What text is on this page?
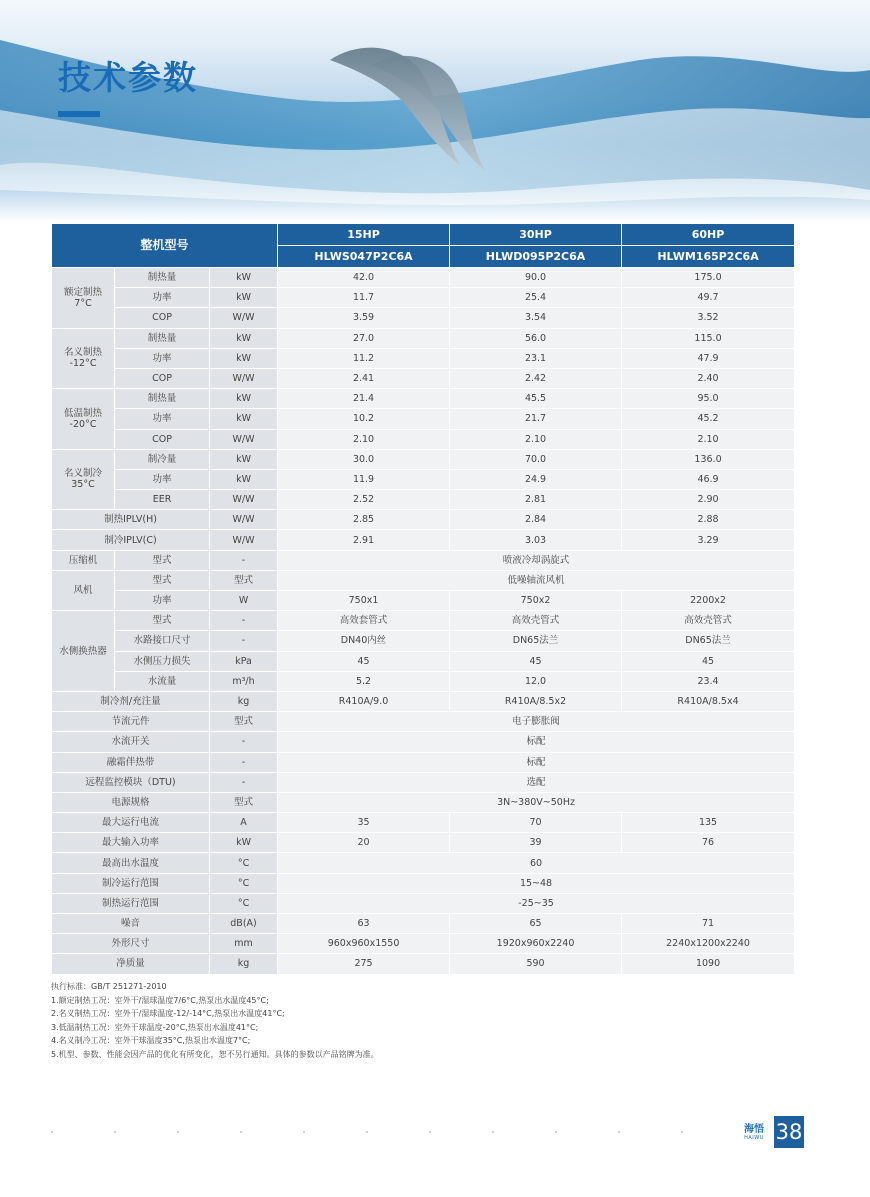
技术参数
整机型号			15HP	30HP	60HP
			HLWS047P2C6A	HLWD095P2C6A	HLWM165P2C6A
额定制热
7°C	制热量	kW	42.0	90.0	175.0
	功率	kW	11.7	25.4	49.7
	COP	W/W	3.59	3.54	3.52
名义制热
-12°C	制热量	kW	27.0	56.0	115.0
	功率	kW	11.2	23.1	47.9
	COP	W/W	2.41	2.42	2.40
低温制热
-20°C	制热量	kW	21.4	45.5	95.0
	功率	kW	10.2	21.7	45.2
	COP	W/W	2.10	2.10	2.10
名义制冷
35°C	制冷量	kW	30.0	70.0	136.0
	功率	kW	11.9	24.9	46.9
	EER	W/W	2.52	2.81	2.90
制热IPLV(H)		W/W	2.85	2.84	2.88
制冷IPLV(C)		W/W	2.91	3.03	3.29
压缩机	型式	-	喷液冷却涡旋式		
风机	型式	型式	低噪轴流风机		
	功率	W	750x1	750x2	2200x2
水侧换热器	型式	-	高效套管式	高效壳管式	高效壳管式
	水路接口尺寸	-	DN40内丝	DN65法兰	DN65法兰
	水侧压力损失	kPa	45	45	45
	水流量	m³/h	5.2	12.0	23.4
制冷剂/充注量		kg	R410A/9.0	R410A/8.5x2	R410A/8.5x4
节流元件		型式	电子膨胀阀		
水流开关		-	标配		
融霜伴热带		-	标配		
远程监控模块（DTU)		-	选配		
电源规格		型式	3N~380V~50Hz		
最大运行电流		A	35	70	135
最大输入功率		kW	20	39	76
最高出水温度		°C	60		
制冷运行范围		°C	15~48		
制热运行范围		°C	-25~35		
噪音		dB(A)	63	65	71
外形尺寸		mm	960x960x1550	1920x960x2240	2240x1200x2240
净质量		kg	275	590	1090
执行标准：GB/T 251271-2010
1.额定制热工况：室外干/湿球温度7/6°C,热泵出水温度45°C;
2.名义制热工况：室外干/湿球温度-12/-14°C,热泵出水温度41°C;
3.低温制热工况：室外干球温度-20°C,热泵出水温度41°C;
4.名义制冷工况：室外干球温度35°C,热泵出水温度7°C;
5.机型、参数、性能会因产品的优化有所变化，恕不另行通知。具体的参数以产品铭牌为准。
海悟
HAIWU 38
